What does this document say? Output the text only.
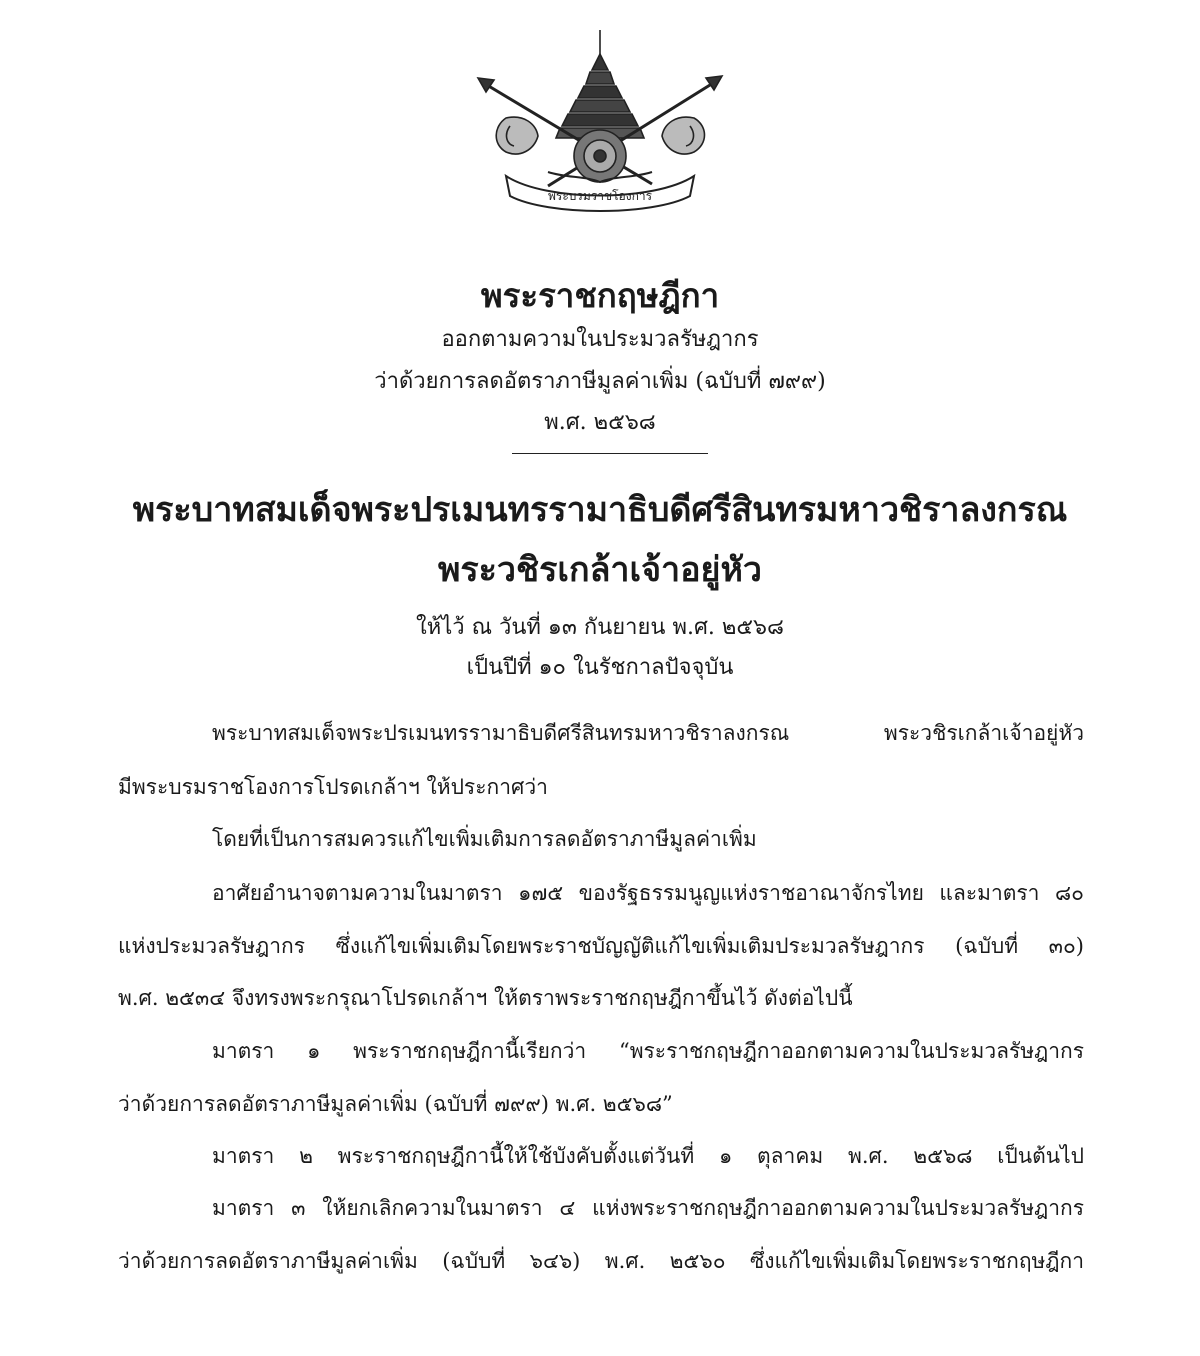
พระบรมราชโองการ
พระราชกฤษฎีกา
ออกตามความในประมวลรัษฎากร
ว่าด้วยการลดอัตราภาษีมูลค่าเพิ่ม (ฉบับที่ ๗๙๙)
พ.ศ. ๒๕๖๘
พระบาทสมเด็จพระปรเมนทรรามาธิบดีศรีสินทรมหาวชิราลงกรณ
พระวชิรเกล้าเจ้าอยู่หัว
ให้ไว้ ณ วันที่ ๑๓ กันยายน พ.ศ. ๒๕๖๘
เป็นปีที่ ๑๐ ในรัชกาลปัจจุบัน
พระบาทสมเด็จพระปรเมนทรรามาธิบดีศรีสินทรมหาวชิราลงกรณ พระวชิรเกล้าเจ้าอยู่หัว
มีพระบรมราชโองการโปรดเกล้าฯ ให้ประกาศว่า
โดยที่เป็นการสมควรแก้ไขเพิ่มเติมการลดอัตราภาษีมูลค่าเพิ่ม
อาศัยอำนาจตามความในมาตรา ๑๗๕ ของรัฐธรรมนูญแห่งราชอาณาจักรไทย และมาตรา ๘๐
แห่งประมวลรัษฎากร ซึ่งแก้ไขเพิ่มเติมโดยพระราชบัญญัติแก้ไขเพิ่มเติมประมวลรัษฎากร (ฉบับที่ ๓๐)
พ.ศ. ๒๕๓๔ จึงทรงพระกรุณาโปรดเกล้าฯ ให้ตราพระราชกฤษฎีกาขึ้นไว้ ดังต่อไปนี้
มาตรา ๑ พระราชกฤษฎีกานี้เรียกว่า “พระราชกฤษฎีกาออกตามความในประมวลรัษฎากร
ว่าด้วยการลดอัตราภาษีมูลค่าเพิ่ม (ฉบับที่ ๗๙๙) พ.ศ. ๒๕๖๘”
มาตรา ๒ พระราชกฤษฎีกานี้ให้ใช้บังคับตั้งแต่วันที่ ๑ ตุลาคม พ.ศ. ๒๕๖๘ เป็นต้นไป
มาตรา ๓ ให้ยกเลิกความในมาตรา ๔ แห่งพระราชกฤษฎีกาออกตามความในประมวลรัษฎากร
ว่าด้วยการลดอัตราภาษีมูลค่าเพิ่ม (ฉบับที่ ๖๔๖) พ.ศ. ๒๕๖๐ ซึ่งแก้ไขเพิ่มเติมโดยพระราชกฤษฎีกา
